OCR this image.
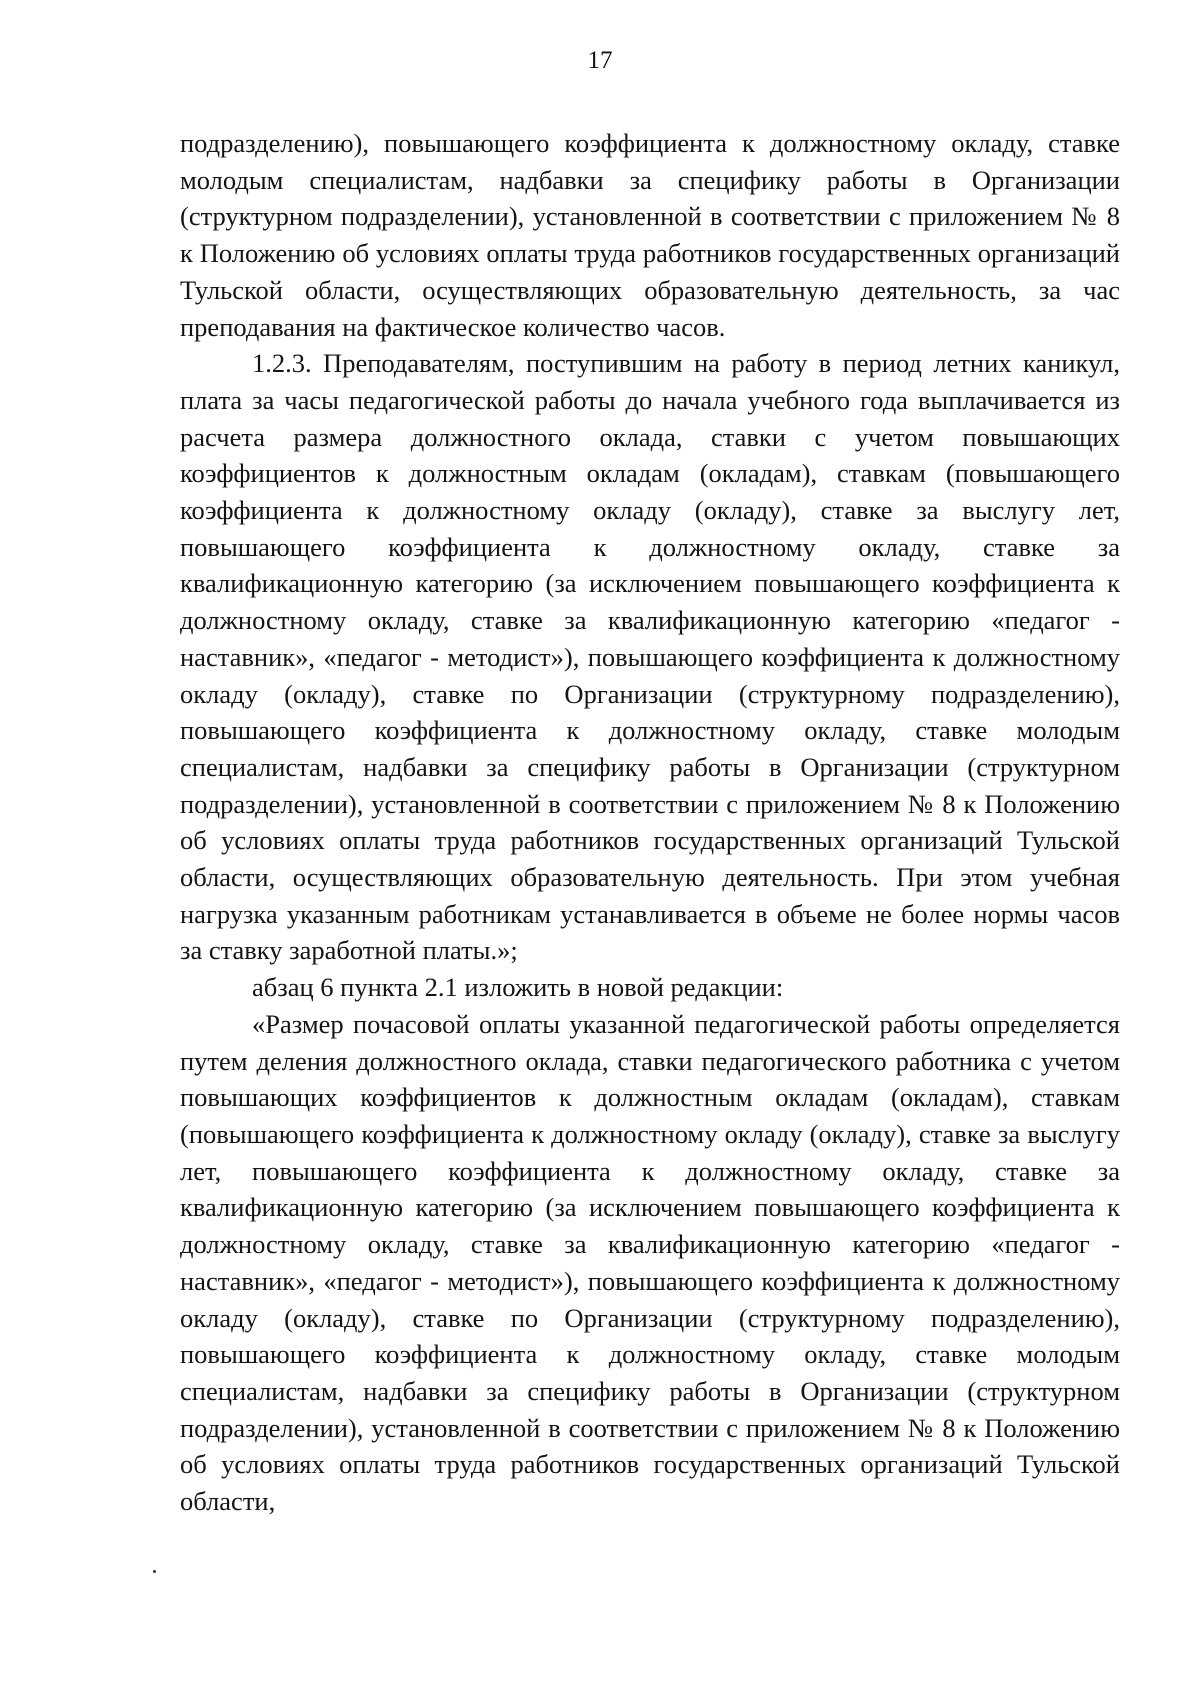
17

подразделению), повышающего коэффициента к должностному окладу, ставке молодым специалистам, надбавки за специфику работы в Организации (структурном подразделении), установленной в соответствии с приложением № 8 к Положению об условиях оплаты труда работников государственных организаций Тульской области, осуществляющих образовательную деятельность, за час преподавания на фактическое количество часов.

1.2.3. Преподавателям, поступившим на работу в период летних каникул, плата за часы педагогической работы до начала учебного года выплачивается из расчета размера должностного оклада, ставки с учетом повышающих коэффициентов к должностным окладам (окладам), ставкам (повышающего коэффициента к должностному окладу (окладу), ставке за выслугу лет, повышающего коэффициента к должностному окладу, ставке за квалификационную категорию (за исключением повышающего коэффициента к должностному окладу, ставке за квалификационную категорию «педагог - наставник», «педагог - методист»), повышающего коэффициента к должностному окладу (окладу), ставке по Организации (структурному подразделению), повышающего коэффициента к должностному окладу, ставке молодым специалистам, надбавки за специфику работы в Организации (структурном подразделении), установленной в соответствии с приложением № 8 к Положению об условиях оплаты труда работников государственных организаций Тульской области, осуществляющих образовательную деятельность. При этом учебная нагрузка указанным работникам устанавливается в объеме не более нормы часов за ставку заработной платы.»;

абзац 6 пункта 2.1 изложить в новой редакции:

«Размер почасовой оплаты указанной педагогической работы определяется путем деления должностного оклада, ставки педагогического работника с учетом повышающих коэффициентов к должностным окладам (окладам), ставкам (повышающего коэффициента к должностному окладу (окладу), ставке за выслугу лет, повышающего коэффициента к должностному окладу, ставке за квалификационную категорию (за исключением повышающего коэффициента к должностному окладу, ставке за квалификационную категорию «педагог - наставник», «педагог - методист»), повышающего коэффициента к должностному окладу (окладу), ставке по Организации (структурному подразделению), повышающего коэффициента к должностному окладу, ставке молодым специалистам, надбавки за специфику работы в Организации (структурном подразделении), установленной в соответствии с приложением № 8 к Положению об условиях оплаты труда работников государственных организаций Тульской области,
